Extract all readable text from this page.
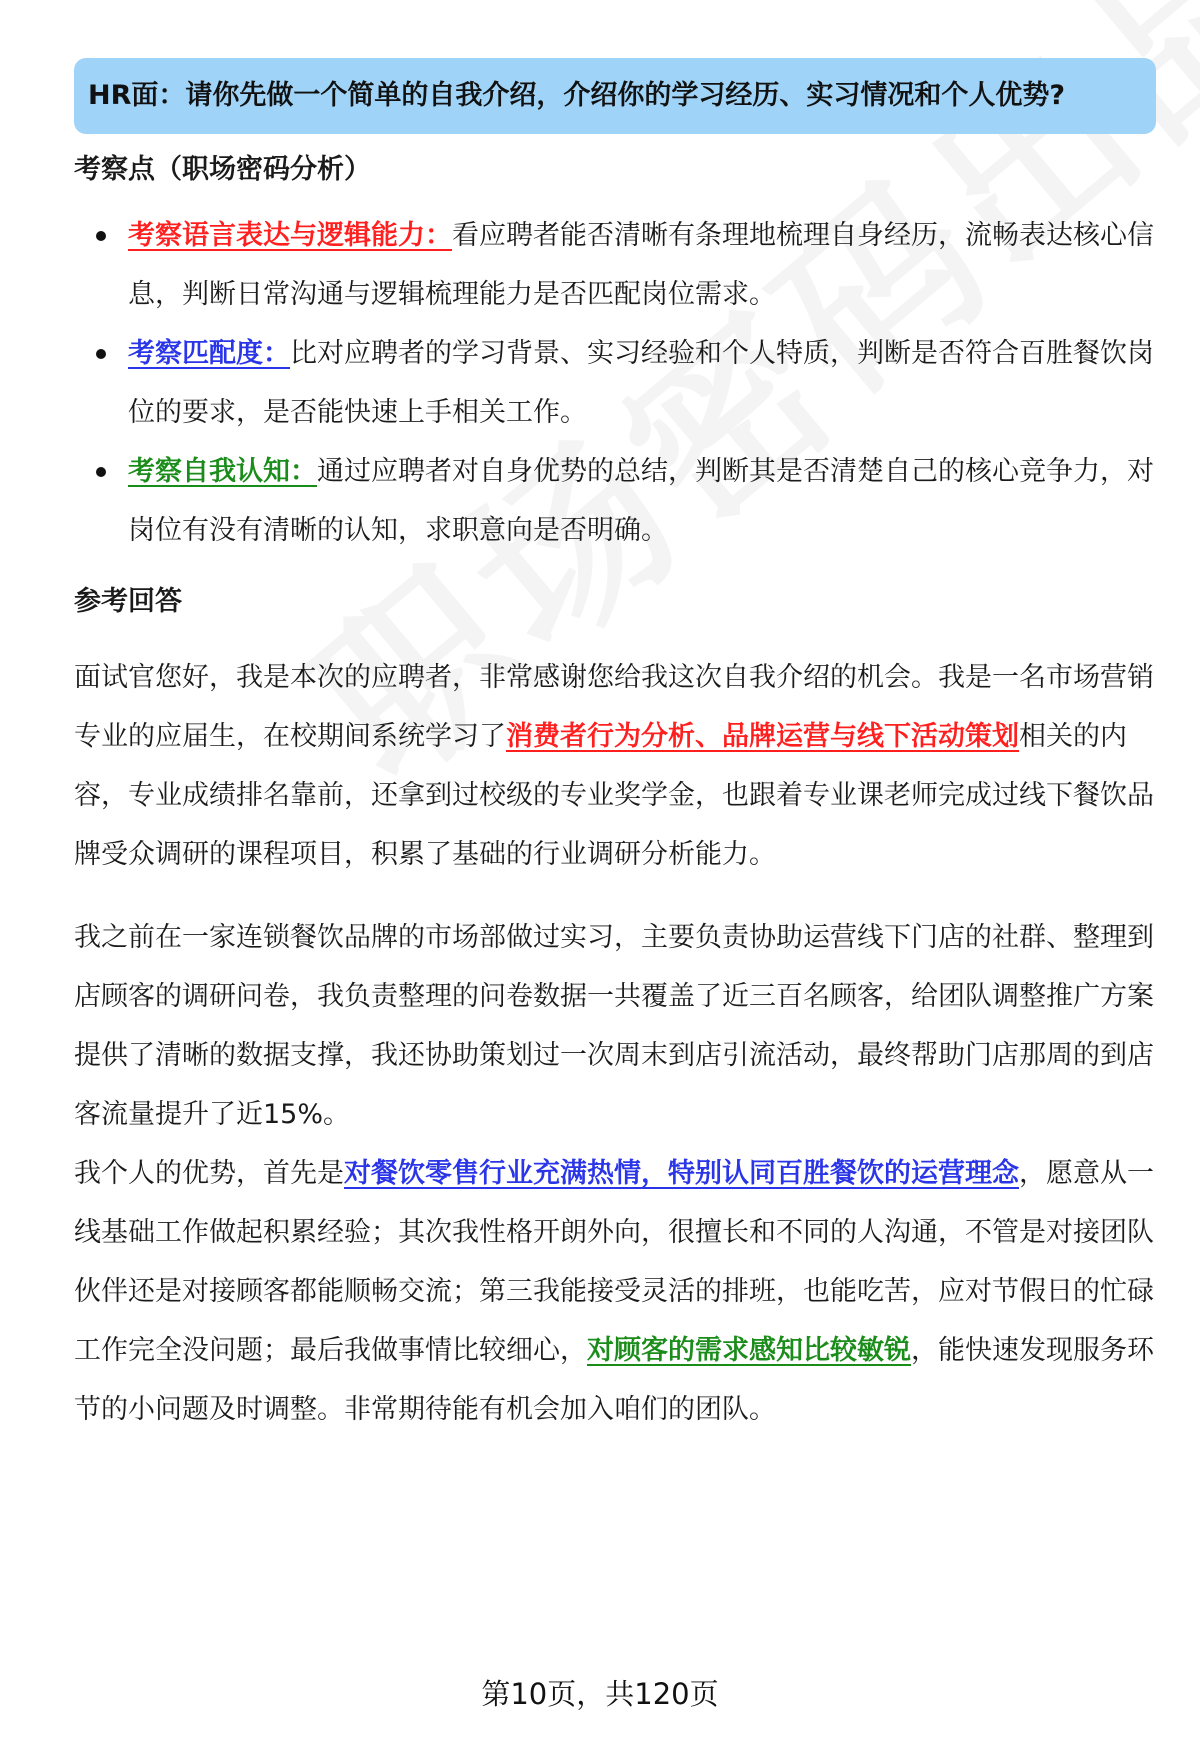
HR面：请你先做一个简单的自我介绍，介绍你的学习经历、实习情况和个人优势?
考察点（职场密码分析）
考察语言表达与逻辑能力：看应聘者能否清晰有条理地梳理自身经历，流畅表达核心信息，判断日常沟通与逻辑梳理能力是否匹配岗位需求。
考察匹配度：比对应聘者的学习背景、实习经验和个人特质，判断是否符合百胜餐饮岗位的要求，是否能快速上手相关工作。
考察自我认知：通过应聘者对自身优势的总结，判断其是否清楚自己的核心竞争力，对岗位有没有清晰的认知，求职意向是否明确。
参考回答

面试官您好，我是本次的应聘者，非常感谢您给我这次自我介绍的机会。我是一名市场营销专业的应届生，在校期间系统学习了消费者行为分析、品牌运营与线下活动策划相关的内容，专业成绩排名靠前，还拿到过校级的专业奖学金，也跟着专业课老师完成过线下餐饮品牌受众调研的课程项目，积累了基础的行业调研分析能力。

我之前在一家连锁餐饮品牌的市场部做过实习，主要负责协助运营线下门店的社群、整理到店顾客的调研问卷，我负责整理的问卷数据一共覆盖了近三百名顾客，给团队调整推广方案提供了清晰的数据支撑，我还协助策划过一次周末到店引流活动，最终帮助门店那周的到店客流量提升了近15%。

我个人的优势，首先是对餐饮零售行业充满热情，特别认同百胜餐饮的运营理念，愿意从一线基础工作做起积累经验；其次我性格开朗外向，很擅长和不同的人沟通，不管是对接团队伙伴还是对接顾客都能顺畅交流；第三我能接受灵活的排班，也能吃苦，应对节假日的忙碌工作完全没问题；最后我做事情比较细心，对顾客的需求感知比较敏锐，能快速发现服务环节的小问题及时调整。非常期待能有机会加入咱们的团队。

第10页，共120页
